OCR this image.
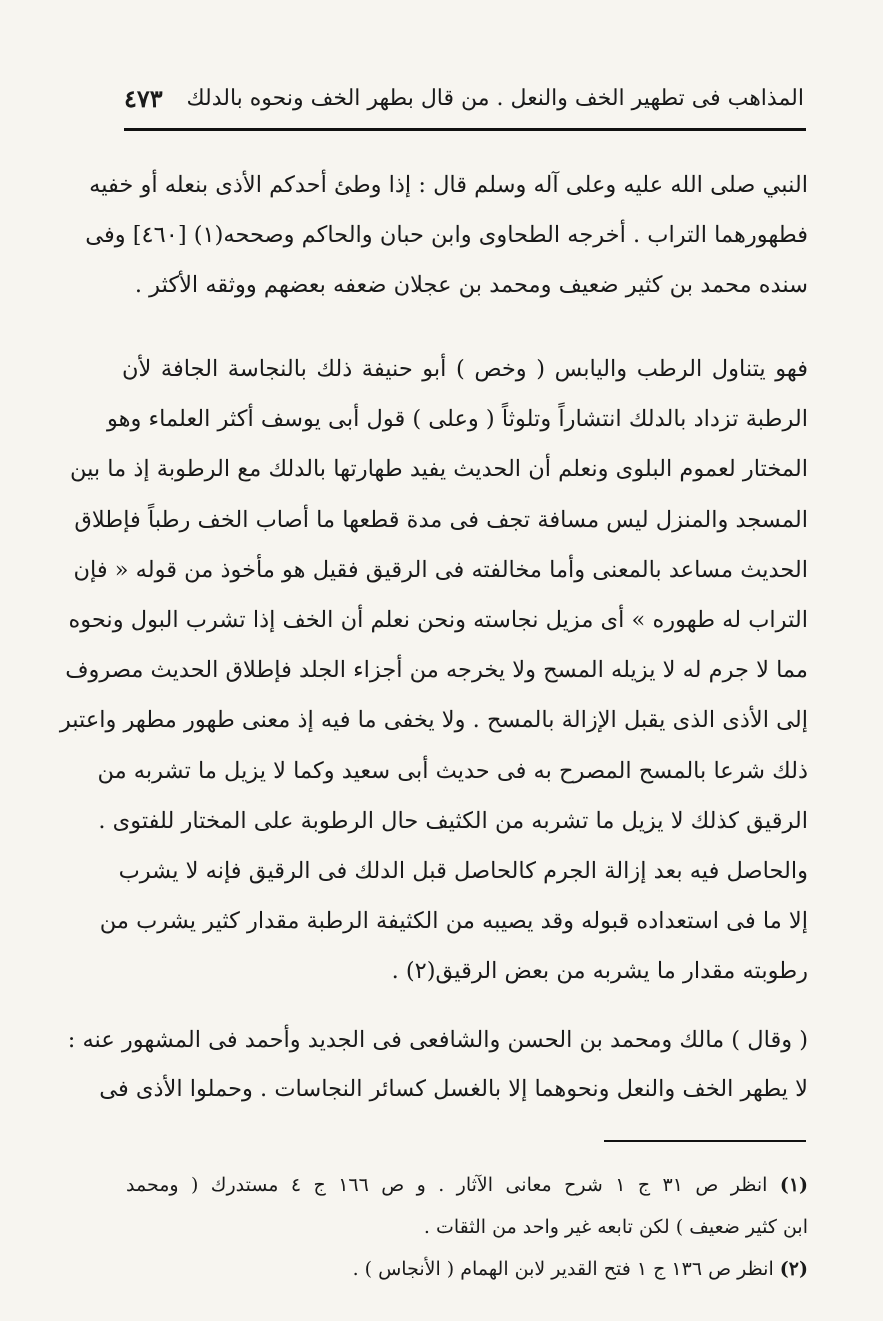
المذاهب فى تطهير الخف والنعل . من قال بطهر الخف ونحوه بالدلك
٤٧٣
النبي صلى الله عليه وعلى آله وسلم قال : إذا وطئ أحدكم الأذى بنعله أو خفيه
فطهورهما التراب . أخرجه الطحاوى وابن حبان والحاكم وصححه(١) [٤٦٠] وفى
سنده محمد بن كثير ضعيف ومحمد بن عجلان ضعفه بعضهم ووثقه الأكثر .
فهو يتناول الرطب واليابس ( وخص ) أبو حنيفة ذلك بالنجاسة الجافة لأن
الرطبة تزداد بالدلك انتشاراً وتلوثاً ( وعلى ) قول أبى يوسف أكثر العلماء وهو
المختار لعموم البلوى ونعلم أن الحديث يفيد طهارتها بالدلك مع الرطوبة إذ ما بين
المسجد والمنزل ليس مسافة تجف فى مدة قطعها ما أصاب الخف رطباً فإطلاق
الحديث مساعد بالمعنى وأما مخالفته فى الرقيق فقيل هو مأخوذ من قوله « فإن
التراب له طهوره » أى مزيل نجاسته ونحن نعلم أن الخف إذا تشرب البول ونحوه
مما لا جرم له لا يزيله المسح ولا يخرجه من أجزاء الجلد فإطلاق الحديث مصروف
إلى الأذى الذى يقبل الإزالة بالمسح . ولا يخفى ما فيه إذ معنى طهور مطهر واعتبر
ذلك شرعا بالمسح المصرح به فى حديث أبى سعيد وكما لا يزيل ما تشربه من
الرقيق كذلك لا يزيل ما تشربه من الكثيف حال الرطوبة على المختار للفتوى .
والحاصل فيه بعد إزالة الجرم كالحاصل قبل الدلك فى الرقيق فإنه لا يشرب
إلا ما فى استعداده قبوله وقد يصيبه من الكثيفة الرطبة مقدار كثير يشرب من
رطوبته مقدار ما يشربه من بعض الرقيق(٢) .
( وقال ) مالك ومحمد بن الحسن والشافعى فى الجديد وأحمد فى المشهور عنه :
لا يطهر الخف والنعل ونحوهما إلا بالغسل كسائر النجاسات . وحملوا الأذى فى
(١) انظر ص ٣١ ج ١ شرح معانى الآثار . و ص ١٦٦ ج ٤ مستدرك ( ومحمد
ابن كثير ضعيف ) لكن تابعه غير واحد من الثقات .
(٢) انظر ص ١٣٦ ج ١ فتح القدير لابن الهمام ( الأنجاس ) .
